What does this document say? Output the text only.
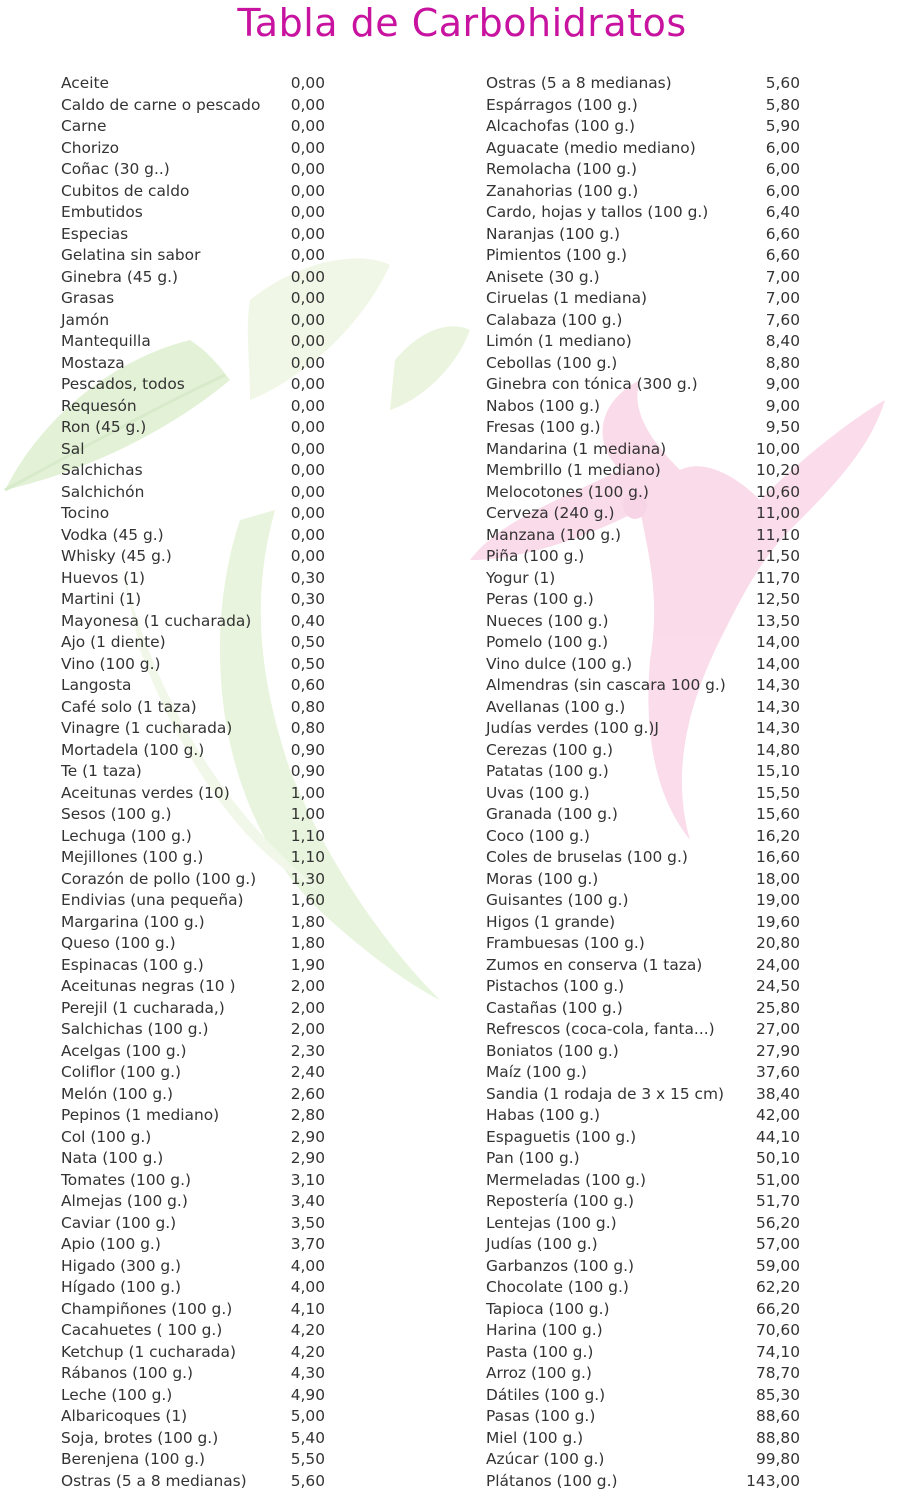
Tabla de Carbohidratos
Aceite	0,00
Caldo de carne o pescado 0,00
Carne	0,00
Chorizo	0,00
Coñac (30 g..)	0,00
Cubitos de caldo	0,00
Embutidos	0,00
Especias	0,00
Gelatina sin sabor	0,00
Ginebra (45 g.)	0,00
Grasas	0,00
Jamón	0,00
Mantequilla	0,00
Mostaza	0,00
Pescados, todos	0,00
Requesón	0,00
Ron (45 g.)	0,00
Sal	0,00
Salchichas	0,00
Salchichón	0,00
Tocino	0,00
Vodka (45 g.)	0,00
Whisky (45 g.)	0,00
Huevos (1)	0,30
Martini (1)	0,30
Mayonesa (1 cucharada)	0,40
Ajo (1 diente)	0,50
Vino (100 g.)	0,50
Langosta	0,60
Café solo (1 taza)	0,80
Vinagre (1 cucharada)	0,80
Mortadela (100 g.)	0,90
Te (1 taza)	0,90
Aceitunas verdes (10)	1,00
Sesos (100 g.)	1,00
Lechuga (100 g.)	1,10
Mejillones (100 g.)	1,10
Corazón de pollo (100 g.) 1,30
Endivias (una pequeña)	1,60
Margarina (100 g.)	1,80
Queso (100 g.)	1,80
Espinacas (100 g.)	1,90
Aceitunas negras (10 )	2,00
Perejil (1 cucharada,)	2,00
Salchichas (100 g.)	2,00
Acelgas (100 g.)	2,30
Coliflor (100 g.)	2,40
Melón (100 g.)	2,60
Pepinos (1 mediano)	2,80
Col (100 g.)	2,90
Nata (100 g.)	2,90
Tomates (100 g.)	3,10
Almejas (100 g.)	3,40
Caviar (100 g.)	3,50
Apio (100 g.)	3,70
Higado (300 g.)	4,00
Hígado (100 g.)	4,00
Champiñones (100 g.)	4,10
Cacahuetes ( 100 g.)	4,20
Ketchup (1 cucharada)	4,20
Rábanos (100 g.)	4,30
Leche (100 g.)	4,90
Albaricoques (1)	5,00
Soja, brotes (100 g.)	5,40
Berenjena (100 g.)	5,50
Ostras (5 a 8 medianas)	5,60
Ostras (5 a 8 medianas)	5,60
Espárragos (100 g.)	5,80
Alcachofas (100 g.)	5,90
Aguacate (medio mediano)	6,00
Remolacha (100 g.)	6,00
Zanahorias (100 g.)	6,00
Cardo, hojas y tallos (100 g.)	6,40
Naranjas (100 g.)	6,60
Pimientos (100 g.)	6,60
Anisete (30 g.)	7,00
Ciruelas (1 mediana)	7,00
Calabaza (100 g.)	7,60
Limón (1 mediano)	8,40
Cebollas (100 g.)	8,80
Ginebra con tónica (300 g.)	9,00
Nabos (100 g.)	9,00
Fresas (100 g.)	9,50
Mandarina (1 mediana)	10,00
Membrillo (1 mediano)	10,20
Melocotones (100 g.)	10,60
Cerveza (240 g.)	11,00
Manzana (100 g.)	11,10
Piña (100 g.)	11,50
Yogur (1)	11,70
Peras (100 g.)	12,50
Nueces (100 g.)	13,50
Pomelo (100 g.)	14,00
Vino dulce (100 g.)	14,00
Almendras (sin cascara 100 g.) 14,30
Avellanas (100 g.)	14,30
Judías verdes (100 g.)J	14,30
Cerezas (100 g.)	14,80
Patatas (100 g.)	15,10
Uvas (100 g.)	15,50
Granada (100 g.)	15,60
Coco (100 g.)	16,20
Coles de bruselas (100 g.)	16,60
Moras (100 g.)	18,00
Guisantes (100 g.)	19,00
Higos (1 grande)	19,60
Frambuesas (100 g.)	20,80
Zumos en conserva (1 taza)	24,00
Pistachos (100 g.)	24,50
Castañas (100 g.)	25,80
Refrescos (coca-cola, fanta...)	27,00
Boniatos (100 g.)	27,90
Maíz (100 g.)	37,60
Sandia (1 rodaja de 3 x 15 cm) 38,40
Habas (100 g.)	42,00
Espaguetis (100 g.)	44,10
Pan (100 g.)	50,10
Mermeladas (100 g.)	51,00
Repostería (100 g.)	51,70
Lentejas (100 g.)	56,20
Judías (100 g.)	57,00
Garbanzos (100 g.)	59,00
Chocolate (100 g.)	62,20
Tapioca (100 g.)	66,20
Harina (100 g.)	70,60
Pasta (100 g.)	74,10
Arroz (100 g.)	78,70
Dátiles (100 g.)	85,30
Pasas (100 g.)	88,60
Miel (100 g.)	88,80
Azúcar (100 g.)	99,80
Plátanos (100 g.)	143,00
